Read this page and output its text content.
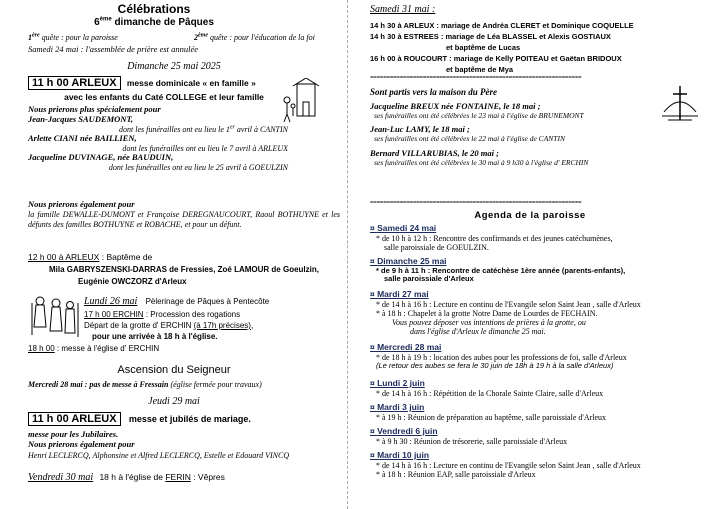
Célébrations
6ème dimanche de Pâques
1ère quête : pour la paroisse	2ème quête : pour l'éducation de la foi
Samedi 24 mai : l'assemblée de prière est annulée
Dimanche 25 mai 2025
11 h 00 ARLEUX messe dominicale « en famille »
avec les enfants du Caté COLLEGE et leur famille
Nous prierons plus spécialement pour
Jean-Jacques SAUDEMONT,
dont les funérailles ont eu lieu le 1er avril à CANTIN
Arlette CIANI née BAILLIEN,
dont les funérailles ont eu lieu le 7 avril à ARLEUX
Jacqueline DUVINAGE, née BAUDUIN,
dont les funérailles ont eu lieu le 25 avril à GOEULZIN
Nous prierons également pour
la famille DEWALLE-DUMONT et Françoise DEREGNAUCOURT, Raoul BOTHUYNE et les défunts des familles BOTHUYNE et ROBACHE, et pour un défunt.
12 h 00 à ARLEUX : Baptême de
Mila GABRYSZENSKI-DARRAS de Fressies, Zoé LAMOUR de Goeulzin,
Eugénie OWCZORZ d'Arleux
Lundi 26 mai Pèlerinage de Pâques à Pentecôte
17 h 00 ERCHIN : Procession des rogations
Départ de la grotte d' ERCHIN (à 17h précises),
pour une arrivée à 18 h à l'église.
18 h 00 : messe à l'église d' ERCHIN
Ascension du Seigneur
Mercredi 28 mai : pas de messe à Fressain (église fermée pour travaux)
Jeudi 29 mai
11 h 00 ARLEUX messe et jubilés de mariage.
messe pour les Jubilaires.
Nous prierons également pour
Henri LECLERCQ, Alphonsine et Alfred LECLERCQ, Estelle et Edouard VINCQ
Vendredi 30 mai 18 h à l'église de FERIN : Vêpres
Samedi 31 mai :
14 h 30 à ARLEUX : mariage de Andréa CLERET et Dominique COQUELLE
14 h 30 à ESTREES : mariage de Léa BLASSEL et Alexis GOSTIAUX
et baptême de Lucas
16 h 00 à ROUCOURT : mariage de Kelly POITEAU et Gaëtan BRIDOUX
et baptême de Mya
================================================================
Sont partis vers la maison du Père
Jacqueline BREUX née FONTAINE, le 18 mai ;
ses funérailles ont été célébrées le 23 mai à l'église de BRUNEMONT
Jean-Luc LAMY, le 18 mai ;
ses funérailles ont été célébrées le 22 mai à l'église de CANTIN
Bernard VILLARUBIAS, le 20 mai ;
ses funérailles ont été célébrées le 30 mai à 9 h30 à l'église d' ERCHIN
================================================================
Agenda de la paroisse
¤ Samedi 24 mai
* de 10 h à 12 h : Rencontre des confirmands et des jeunes catéchumènes,
salle paroissiale de GOEULZIN.
¤ Dimanche 25 mai
* de 9 h à 11 h : Rencontre de catéchèse 1ère année (parents-enfants),
salle paroissiale d'Arleux
¤ Mardi 27 mai
* de 14 h à 16 h : Lecture en continu de l'Evangile selon Saint Jean , salle d'Arleux
* à 18 h : Chapelet à la grotte Notre Dame de Lourdes de FECHAIN.
Vous pouvez déposer vos intentions de prières à la grotte, ou
dans l'église d'Arleux le dimanche 25 mai.
¤ Mercredi 28 mai
* de 18 h à 19 h : location des aubes pour les professions de foi, salle d'Arleux
(Le retour des aubes se fera le 30 juin de 18h à 19 h à la salle d'Arleux)
¤ Lundi 2 juin
* de 14 h à 16 h : Répétition de la Chorale Sainte Claire, salle d'Arleux
¤ Mardi 3 juin
* à 19 h : Réunion de préparation au baptême, salle paroissiale d'Arleux
¤ Vendredi 6 juin
* à 9 h 30 : Réunion de trésorerie, salle paroissiale d'Arleux
¤ Mardi 10 juin
* de 14 h à 16 h : Lecture en continu de l'Evangile selon Saint Jean , salle d'Arleux
* à 18 h : Réunion EAP, salle paroissiale d'Arleux
